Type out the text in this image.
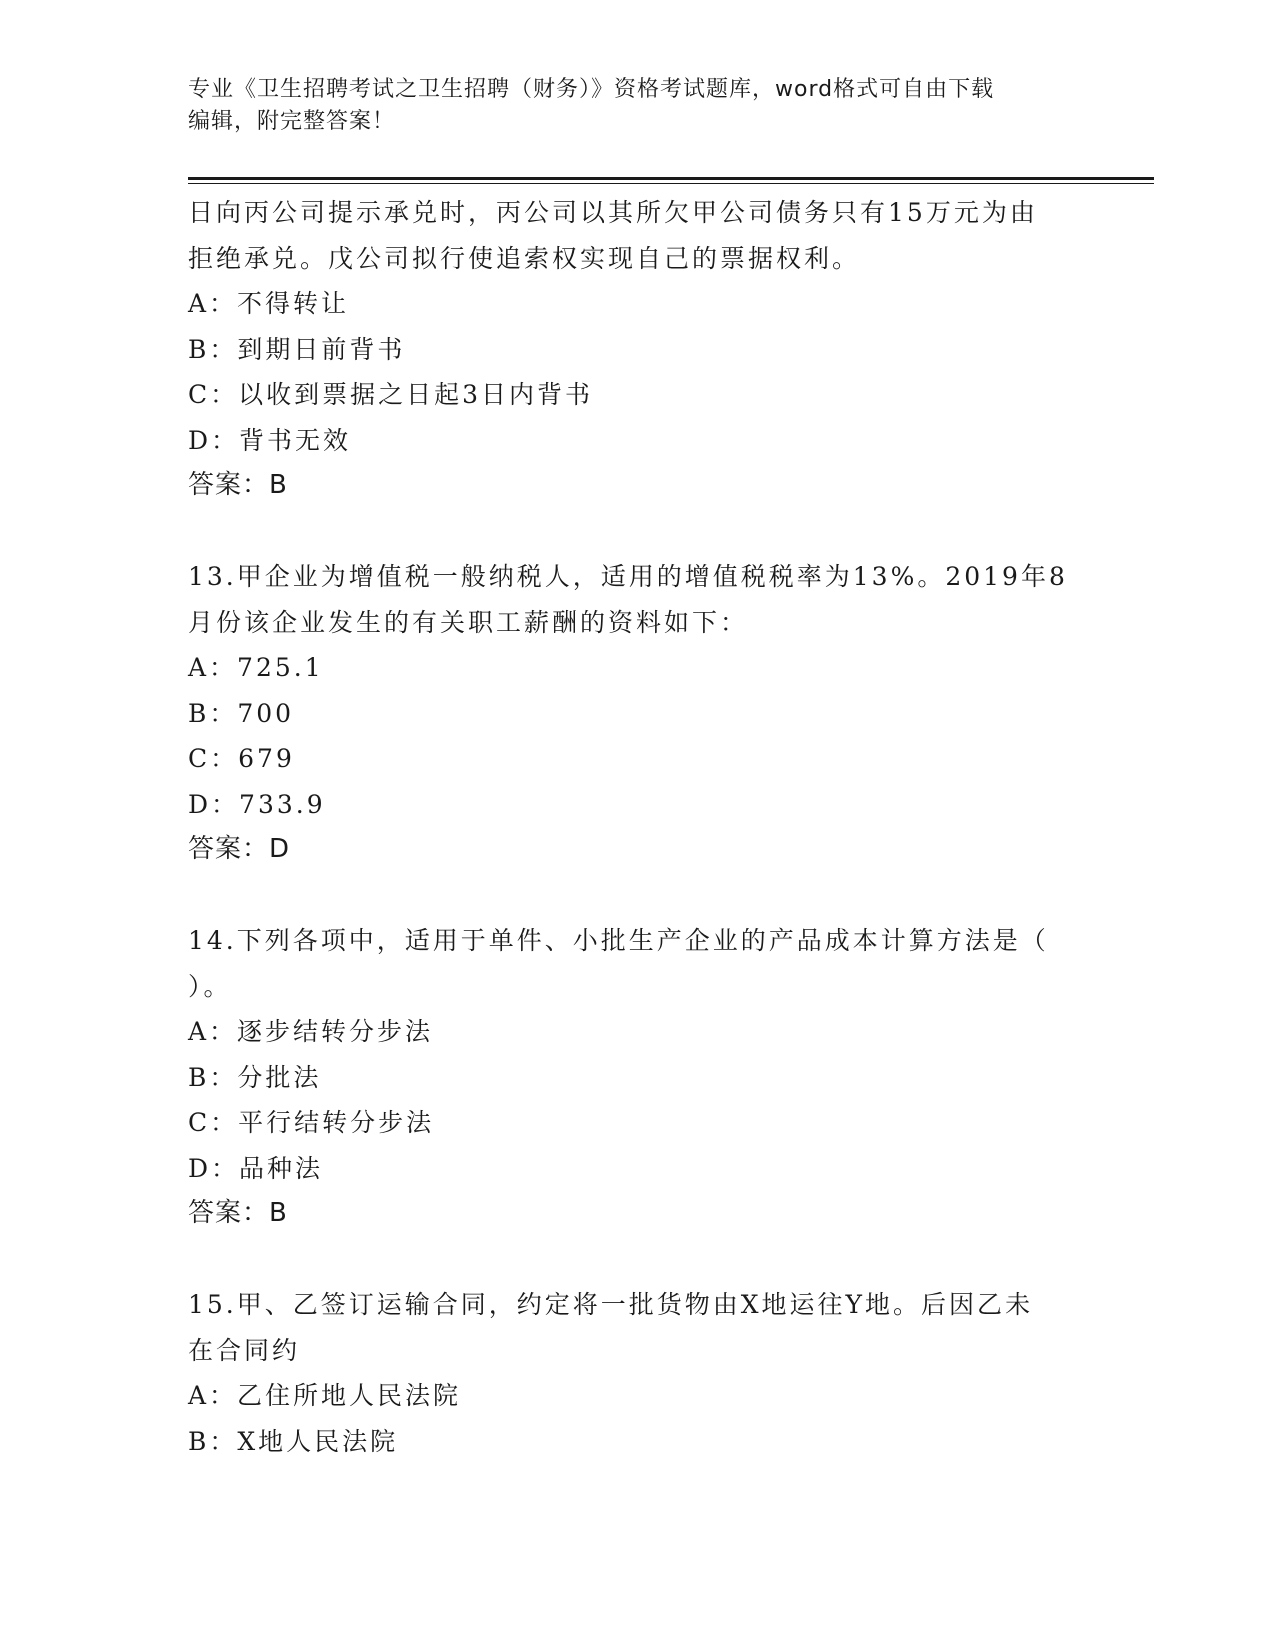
专业《卫生招聘考试之卫生招聘（财务）》资格考试题库，word格式可自由下载
编辑，附完整答案！
日向丙公司提示承兑时，丙公司以其所欠甲公司债务只有15万元为由
拒绝承兑。戊公司拟行使追索权实现自己的票据权利。
A：不得转让
B：到期日前背书
C：以收到票据之日起3日内背书
D：背书无效
答案：B
13.甲企业为增值税一般纳税人，适用的增值税税率为13%。2019年8
月份该企业发生的有关职工薪酬的资料如下：
A：725.1
B：700
C：679
D：733.9
答案：D
14.下列各项中，适用于单件、小批生产企业的产品成本计算方法是（
）。
A：逐步结转分步法
B：分批法
C：平行结转分步法
D：品种法
答案：B
15.甲、乙签订运输合同，约定将一批货物由X地运往Y地。后因乙未
在合同约
A：乙住所地人民法院
B：X地人民法院
